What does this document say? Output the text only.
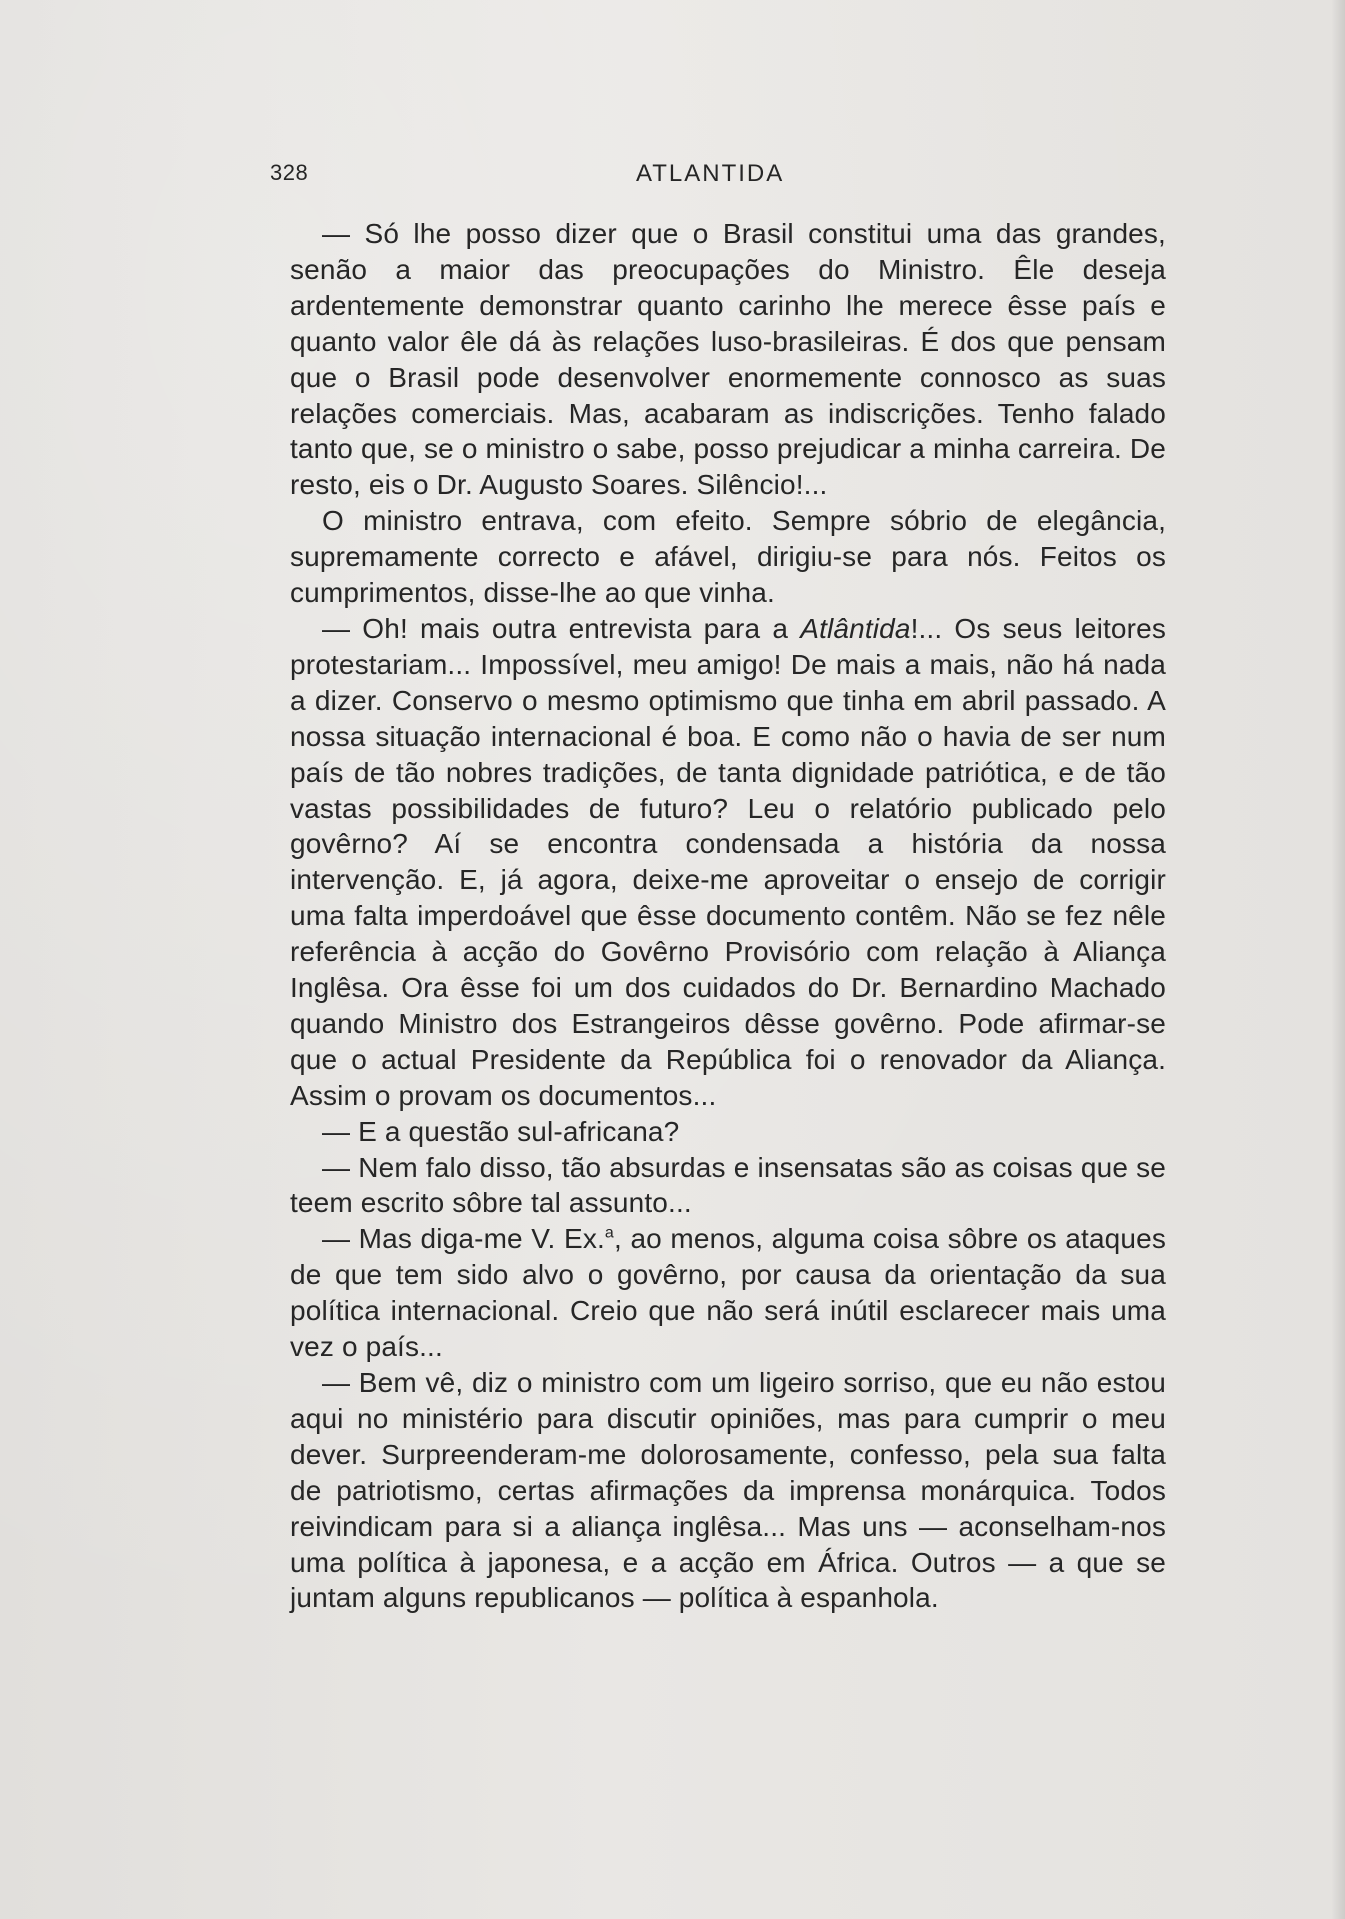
328	ATLANTIDA

— Só lhe posso dizer que o Brasil constitui uma das grandes, senão a maior das preocupações do Ministro. Êle deseja ardentemente demonstrar quanto carinho lhe merece êsse país e quanto valor êle dá às relações luso-brasileiras. É dos que pensam que o Brasil pode desenvolver enormemente connosco as suas relações comerciais. Mas, acabaram as indiscrições. Tenho falado tanto que, se o ministro o sabe, posso prejudicar a minha carreira. De resto, eis o Dr. Augusto Soares. Silêncio!...

O ministro entrava, com efeito. Sempre sóbrio de elegância, supremamente correcto e afável, dirigiu-se para nós. Feitos os cumprimentos, disse-lhe ao que vinha.

— Oh! mais outra entrevista para a Atlântida!... Os seus leitores protestariam... Impossível, meu amigo! De mais a mais, não há nada a dizer. Conservo o mesmo optimismo que tinha em abril passado. A nossa situação internacional é boa. E como não o havia de ser num país de tão nobres tradições, de tanta dignidade patriótica, e de tão vastas possibilidades de futuro? Leu o relatório publicado pelo govêrno? Aí se encontra condensada a história da nossa intervenção. E, já agora, deixe-me aproveitar o ensejo de corrigir uma falta imperdoável que êsse documento contêm. Não se fez nêle referência à acção do Govêrno Provisório com relação à Aliança Inglêsa. Ora êsse foi um dos cuidados do Dr. Bernardino Machado quando Ministro dos Estrangeiros dêsse govêrno. Pode afirmar-se que o actual Presidente da República foi o renovador da Aliança. Assim o provam os documentos...

— E a questão sul-africana?

— Nem falo disso, tão absurdas e insensatas são as coisas que se teem escrito sôbre tal assunto...

— Mas diga-me V. Ex.$^a$, ao menos, alguma coisa sôbre os ataques de que tem sido alvo o govêrno, por causa da orientação da sua política internacional. Creio que não será inútil esclarecer mais uma vez o país...

— Bem vê, diz o ministro com um ligeiro sorriso, que eu não estou aqui no ministério para discutir opiniões, mas para cumprir o meu dever. Surpreenderam-me dolorosamente, confesso, pela sua falta de patriotismo, certas afirmações da imprensa monárquica. Todos reivindicam para si a aliança inglêsa... Mas uns — aconselham-nos uma política à japonesa, e a acção em África. Outros — a que se juntam alguns republicanos — política à espanhola.
